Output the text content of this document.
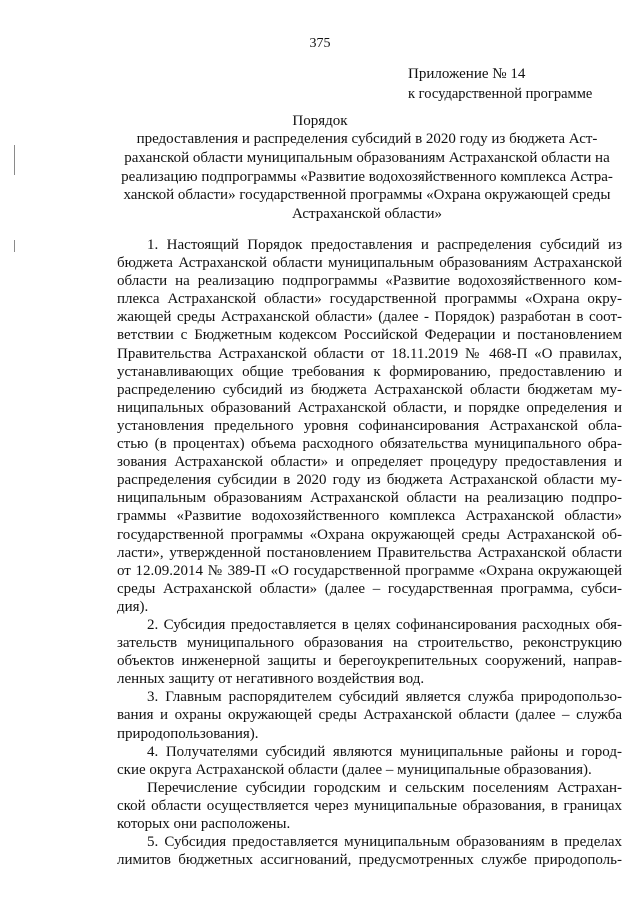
375
Приложение № 14
к государственной программе
Порядок
предоставления и распределения субсидий в 2020 году из бюджета Аст-
раханской области муниципальным образованиям Астраханской области на
реализацию подпрограммы «Развитие водохозяйственного комплекса Астра-
ханской области» государственной программы «Охрана окружающей среды
Астраханской области»
1. Настоящий Порядок предоставления и распределения субсидий из
бюджета Астраханской области муниципальным образованиям Астраханской
области на реализацию подпрограммы «Развитие водохозяйственного ком-
плекса Астраханской области» государственной программы «Охрана окру-
жающей среды Астраханской области» (далее - Порядок) разработан в соот-
ветствии с Бюджетным кодексом Российской Федерации и постановлением
Правительства Астраханской области от 18.11.2019 № 468-П «О правилах,
устанавливающих общие требования к формированию, предоставлению и
распределению субсидий из бюджета Астраханской области бюджетам му-
ниципальных образований Астраханской области, и порядке определения и
установления предельного уровня софинансирования Астраханской обла-
стью (в процентах) объема расходного обязательства муниципального обра-
зования Астраханской области» и определяет процедуру предоставления и
распределения субсидии в 2020 году из бюджета Астраханской области му-
ниципальным образованиям Астраханской области на реализацию подпро-
граммы «Развитие водохозяйственного комплекса Астраханской области»
государственной программы «Охрана окружающей среды Астраханской об-
ласти», утвержденной постановлением Правительства Астраханской области
от 12.09.2014 № 389-П «О государственной программе «Охрана окружающей
среды Астраханской области» (далее – государственная программа, субси-
дия).
2. Субсидия предоставляется в целях софинансирования расходных обя-
зательств муниципального образования на строительство, реконструкцию
объектов инженерной защиты и берегоукрепительных сооружений, направ-
ленных защиту от негативного воздействия вод.
3. Главным распорядителем субсидий является служба природопользо-
вания и охраны окружающей среды Астраханской области (далее – служба
природопользования).
4. Получателями субсидий являются муниципальные районы и город-
ские округа Астраханской области (далее – муниципальные образования).
Перечисление субсидии городским и сельским поселениям Астрахан-
ской области осуществляется через муниципальные образования, в границах
которых они расположены.
5. Субсидия предоставляется муниципальным образованиям в пределах
лимитов бюджетных ассигнований, предусмотренных службе природополь-
